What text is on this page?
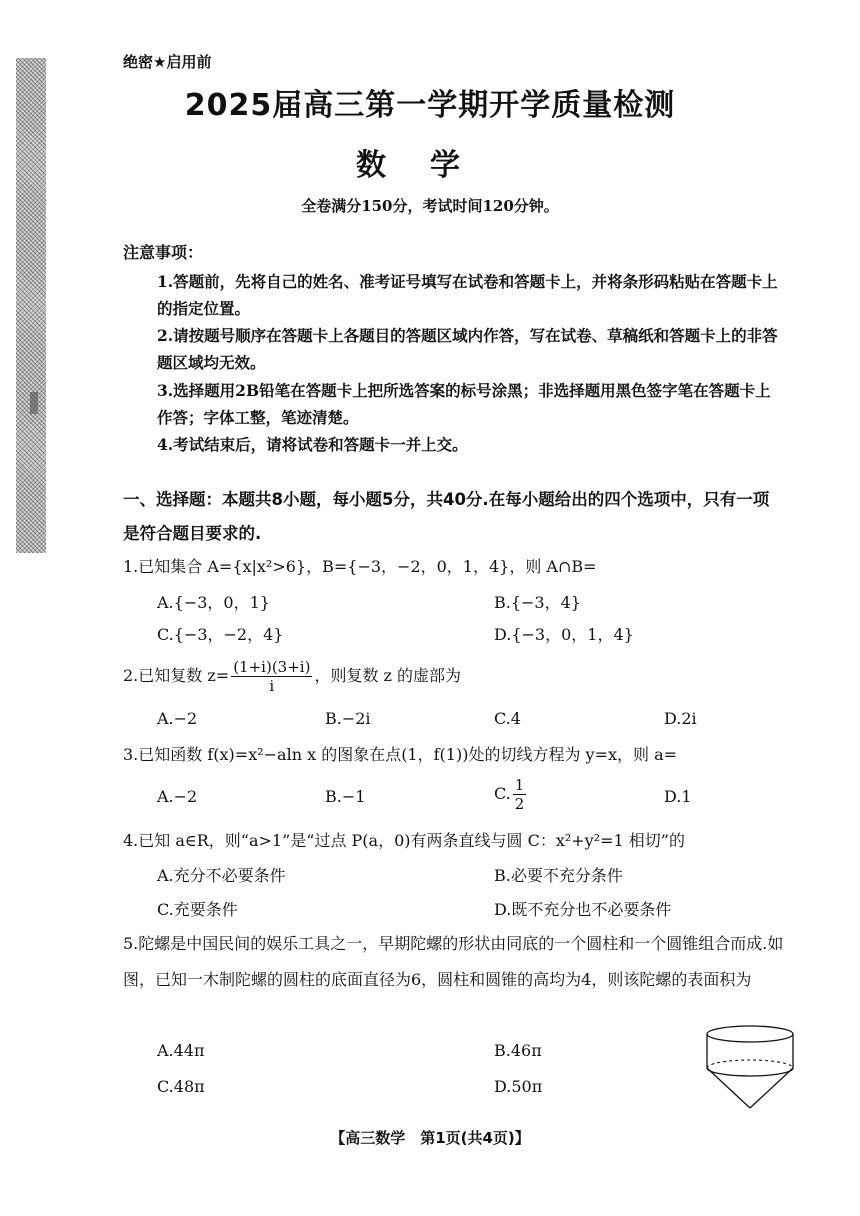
绝密★启用前
2025届高三第一学期开学质量检测
数学
全卷满分150分，考试时间120分钟。
注意事项：
1.答题前，先将自己的姓名、准考证号填写在试卷和答题卡上，并将条形码粘贴在答题卡上的指定位置。
2.请按题号顺序在答题卡上各题目的答题区域内作答，写在试卷、草稿纸和答题卡上的非答题区域均无效。
3.选择题用2B铅笔在答题卡上把所选答案的标号涂黑；非选择题用黑色签字笔在答题卡上作答；字体工整，笔迹清楚。
4.考试结束后，请将试卷和答题卡一并上交。
一、选择题：本题共8小题，每小题5分，共40分.在每小题给出的四个选项中，只有一项是符合题目要求的.
1.已知集合 A={x|x²>6}，B={−3，−2，0，1，4}，则 A∩B=
A.{−3，0，1}	B.{−3，4}
C.{−3，−2，4}	D.{−3，0，1，4}
2.已知复数 $z= \frac{(1+i)(3+i)}{i}$ ，则复数 z 的虚部为
A.−2	B.−2i	C.4	D.2i
3.已知函数 f(x)=x²−aln x 的图象在点(1，f(1))处的切线方程为 y=x，则 a=
A.−2	B.−1	C. $\frac{1}{2}$	D.1
4.已知 a∈R，则“a>1”是“过点 P(a，0)有两条直线与圆 C：x²+y²=1 相切”的
A.充分不必要条件	B.必要不充分条件
C.充要条件	D.既不充分也不必要条件
5.陀螺是中国民间的娱乐工具之一，早期陀螺的形状由同底的一个圆柱和一个圆锥组合而成.如图，已知一木制陀螺的圆柱的底面直径为6，圆柱和圆锥的高均为4，则该陀螺的表面积为
A.44π	B.46π
C.48π	D.50π
【高三数学　第1页(共4页)】
